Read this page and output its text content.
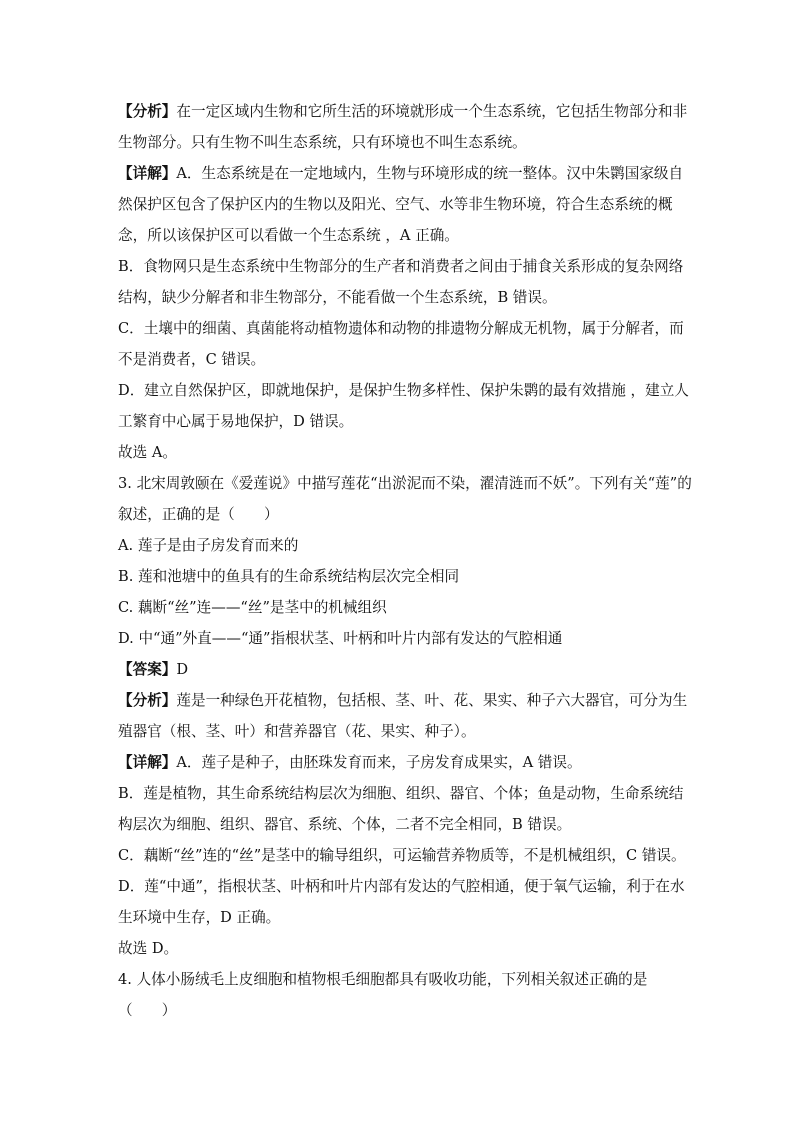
【分析】在一定区域内生物和它所生活的环境就形成一个生态系统，它包括生物部分和非
生物部分。只有生物不叫生态系统，只有环境也不叫生态系统。
【详解】A．生态系统是在一定地域内，生物与环境形成的统一整体。汉中朱鹮国家级自
然保护区包含了保护区内的生物以及阳光、空气、水等非生物环境，符合生态系统的概
念，所以该保护区可以看做一个生态系统 ，A 正确。
B．食物网只是生态系统中生物部分的生产者和消费者之间由于捕食关系形成的复杂网络
结构，缺少分解者和非生物部分，不能看做一个生态系统，B 错误。
C．土壤中的细菌、真菌能将动植物遗体和动物的排遗物分解成无机物，属于分解者，而
不是消费者，C 错误。
D．建立自然保护区，即就地保护，是保护生物多样性、保护朱鹮的最有效措施 ，建立人
工繁育中心属于易地保护，D 错误。
故选 A。
3. 北宋周敦颐在《爱莲说》中描写莲花“出淤泥而不染，濯清涟而不妖”。下列有关“莲”的
叙述，正确的是（　　）
A. 莲子是由子房发育而来的
B. 莲和池塘中的鱼具有的生命系统结构层次完全相同
C. 藕断“丝”连——“丝”是茎中的机械组织
D. 中“通”外直——“通”指根状茎、叶柄和叶片内部有发达的气腔相通
【答案】D
【分析】莲是一种绿色开花植物，包括根、茎、叶、花、果实、种子六大器官，可分为生
殖器官（根、茎、叶）和营养器官（花、果实、种子）。
【详解】A．莲子是种子，由胚珠发育而来，子房发育成果实，A 错误。
B．莲是植物，其生命系统结构层次为细胞、组织、器官、个体；鱼是动物，生命系统结
构层次为细胞、组织、器官、系统、个体，二者不完全相同，B 错误。
C．藕断“丝”连的“丝”是茎中的输导组织，可运输营养物质等，不是机械组织，C 错误。
D．莲“中通”，指根状茎、叶柄和叶片内部有发达的气腔相通，便于氧气运输，利于在水
生环境中生存，D 正确。
故选 D。
4. 人体小肠绒毛上皮细胞和植物根毛细胞都具有吸收功能，下列相关叙述正确的是
（　　）
